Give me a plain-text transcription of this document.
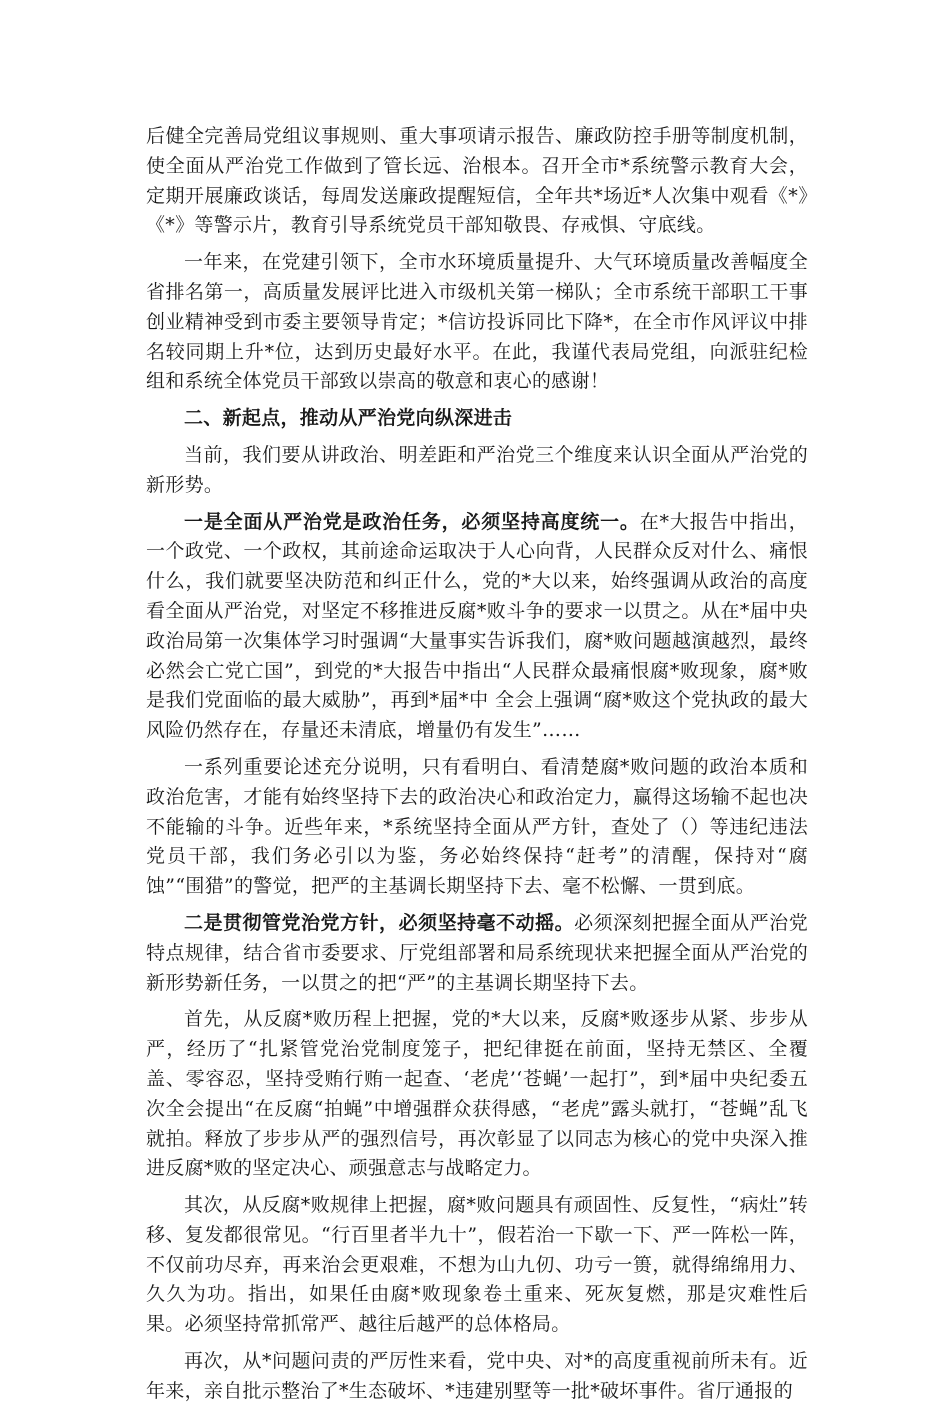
后健全完善局党组议事规则、重大事项请示报告、廉政防控手册等制度机制，使全面从严治党工作做到了管长远、治根本。召开全市*系统警示教育大会，定期开展廉政谈话，每周发送廉政提醒短信，全年共*场近*人次集中观看《*》《*》等警示片，教育引导系统党员干部知敬畏、存戒惧、守底线。

一年来，在党建引领下，全市水环境质量提升、大气环境质量改善幅度全省排名第一，高质量发展评比进入市级机关第一梯队；全市系统干部职工干事创业精神受到市委主要领导肯定；*信访投诉同比下降*，在全市作风评议中排名较同期上升*位，达到历史最好水平。在此，我谨代表局党组，向派驻纪检组和系统全体党员干部致以崇高的敬意和衷心的感谢！

二、新起点，推动从严治党向纵深进击

当前，我们要从讲政治、明差距和严治党三个维度来认识全面从严治党的新形势。

一是全面从严治党是政治任务，必须坚持高度统一。在*大报告中指出，一个政党、一个政权，其前途命运取决于人心向背，人民群众反对什么、痛恨什么，我们就要坚决防范和纠正什么，党的*大以来，始终强调从政治的高度看全面从严治党，对坚定不移推进反腐*败斗争的要求一以贯之。从在*届中央政治局第一次集体学习时强调“大量事实告诉我们，腐*败问题越演越烈，最终必然会亡党亡国”，到党的*大报告中指出“人民群众最痛恨腐*败现象，腐*败是我们党面临的最大威胁”，再到*届*中 全会上强调“腐*败这个党执政的最大风险仍然存在，存量还未清底，增量仍有发生”……

一系列重要论述充分说明，只有看明白、看清楚腐*败问题的政治本质和政治危害，才能有始终坚持下去的政治决心和政治定力，赢得这场输不起也决不能输的斗争。近些年来，*系统坚持全面从严方针，查处了（）等违纪违法党员干部，我们务必引以为鉴，务必始终保持“赶考”的清醒，保持对“腐蚀”“围猎”的警觉，把严的主基调长期坚持下去、毫不松懈、一贯到底。

二是贯彻管党治党方针，必须坚持毫不动摇。必须深刻把握全面从严治党特点规律，结合省市委要求、厅党组部署和局系统现状来把握全面从严治党的新形势新任务，一以贯之的把“严”的主基调长期坚持下去。

首先，从反腐*败历程上把握，党的*大以来，反腐*败逐步从紧、步步从严，经历了“扎紧管党治党制度笼子，把纪律挺在前面，坚持无禁区、全覆盖、零容忍，坚持受贿行贿一起查、‘老虎’‘苍蝇’一起打”，到*届中央纪委五次全会提出“在反腐“拍蝇”中增强群众获得感，“老虎”露头就打，“苍蝇”乱飞就拍。释放了步步从严的强烈信号，再次彰显了以同志为核心的党中央深入推进反腐*败的坚定决心、顽强意志与战略定力。

其次，从反腐*败规律上把握，腐*败问题具有顽固性、反复性，“病灶”转移、复发都很常见。“行百里者半九十”，假若治一下歇一下、严一阵松一阵，不仅前功尽弃，再来治会更艰难，不想为山九仞、功亏一篑，就得绵绵用力、久久为功。指出，如果任由腐*败现象卷土重来、死灰复燃，那是灾难性后果。必须坚持常抓常严、越往后越严的总体格局。

再次，从*问题问责的严厉性来看，党中央、对*的高度重视前所未有。近年来，亲自批示整治了*生态破坏、*违建别墅等一批*破坏事件。省厅通报的
